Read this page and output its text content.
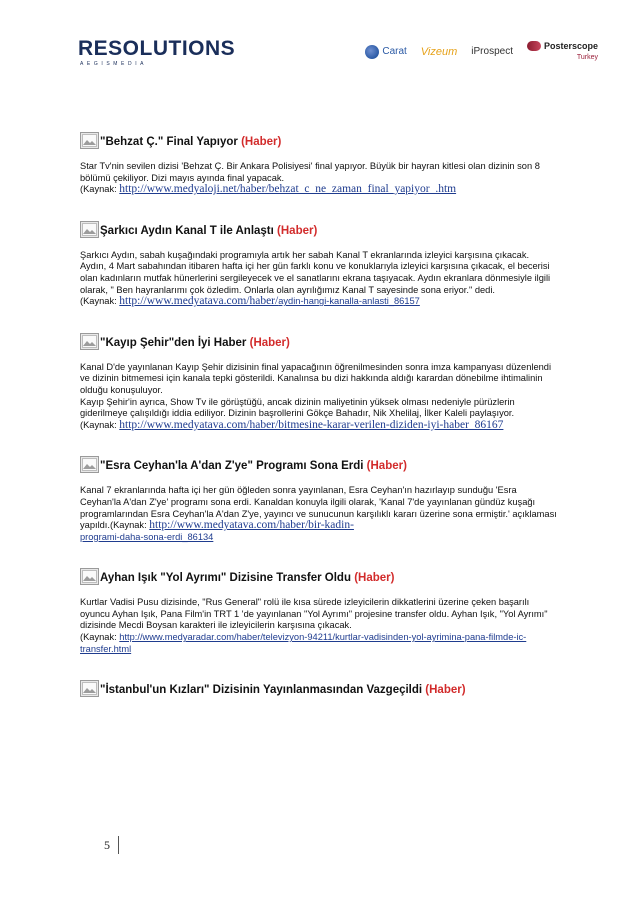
RESOLUTIONS
AEGISMEDIA
Carat Vizeum iProspect	Posterscope
Turkey
"Behzat Ç." Final Yapıyor (Haber)

Star Tv'nin sevilen dizisi 'Behzat Ç. Bir Ankara Polisiyesi' final yapıyor. Büyük bir hayran kitlesi olan dizinin son 8 bölümü çekiliyor. Dizi mayıs ayında final yapacak.

(Kaynak: http://www.medyaloji.net/haber/behzat_c_ne_zaman_final_yapiyor_.htm

Şarkıcı Aydın Kanal T ile Anlaştı (Haber)

Şarkıcı Aydın, sabah kuşağındaki programıyla artık her sabah Kanal T ekranlarında izleyici karşısına çıkacak.

Aydın, 4 Mart sabahından itibaren hafta içi her gün farklı konu ve konuklarıyla izleyici karşısına çıkacak, el becerisi olan kadınların mutfak hünerlerini sergileyecek ve el sanatlarını ekrana taşıyacak. Aydın ekranlara dönmesiyle ilgili olarak, " Ben hayranlarımı çok özledim. Onlarla olan ayrılığımız Kanal T sayesinde sona eriyor." dedi.

(Kaynak: http://www.medyatava.com/haber/aydin-hangi-kanalla-anlasti_86157

"Kayıp Şehir"den İyi Haber (Haber)

Kanal D'de yayınlanan Kayıp Şehir dizisinin final yapacağının öğrenilmesinden sonra imza kampanyası düzenlendi ve dizinin bitmemesi için kanala tepki gösterildi. Kanalınsa bu dizi hakkında aldığı karardan dönebilme ihtimalinin olduğu konuşuluyor.

Kayıp Şehir'in ayrıca, Show Tv ile görüştüğü, ancak dizinin maliyetinin yüksek olması nedeniyle pürüzlerin giderilmeye çalışıldığı iddia ediliyor. Dizinin başrollerini Gökçe Bahadır, Nik Xhelilaj, İlker Kaleli paylaşıyor.

(Kaynak: http://www.medyatava.com/haber/bitmesine-karar-verilen-diziden-iyi-haber_86167

"Esra Ceyhan'la A'dan Z'ye" Programı Sona Erdi (Haber)

Kanal 7 ekranlarında hafta içi her gün öğleden sonra yayınlanan, Esra Ceyhan'ın hazırlayıp sunduğu 'Esra Ceyhan'la A'dan Z'ye' programı sona erdi. Kanaldan konuyla ilgili olarak, 'Kanal 7'de yayınlanan gündüz kuşağı programlarından Esra Ceyhan'la A'dan Z'ye, yayıncı ve sunucunun karşılıklı kararı üzerine sona ermiştir.' açıklaması yapıldı.(Kaynak: http://www.medyatava.com/haber/bir-kadin-
programi-daha-sona-erdi_86134

Ayhan Işık "Yol Ayrımı" Dizisine Transfer Oldu (Haber)

Kurtlar Vadisi Pusu dizisinde, "Rus General" rolü ile kısa sürede izleyicilerin dikkatlerini üzerine çeken başarılı oyuncu Ayhan Işık, Pana Film'in TRT 1 'de yayınlanan "Yol Ayrımı" projesine transfer oldu. Ayhan Işık, "Yol Ayrımı" dizisinde Mecdi Boysan karakteri ile izleyicilerin karşısına çıkacak.

(Kaynak: http://www.medyaradar.com/haber/televizyon-94211/kurtlar-vadisinden-yol-ayrimina-pana-filmde-ic-transfer.html

"İstanbul'un Kızları" Dizisinin Yayınlanmasından Vazgeçildi (Haber)
5
